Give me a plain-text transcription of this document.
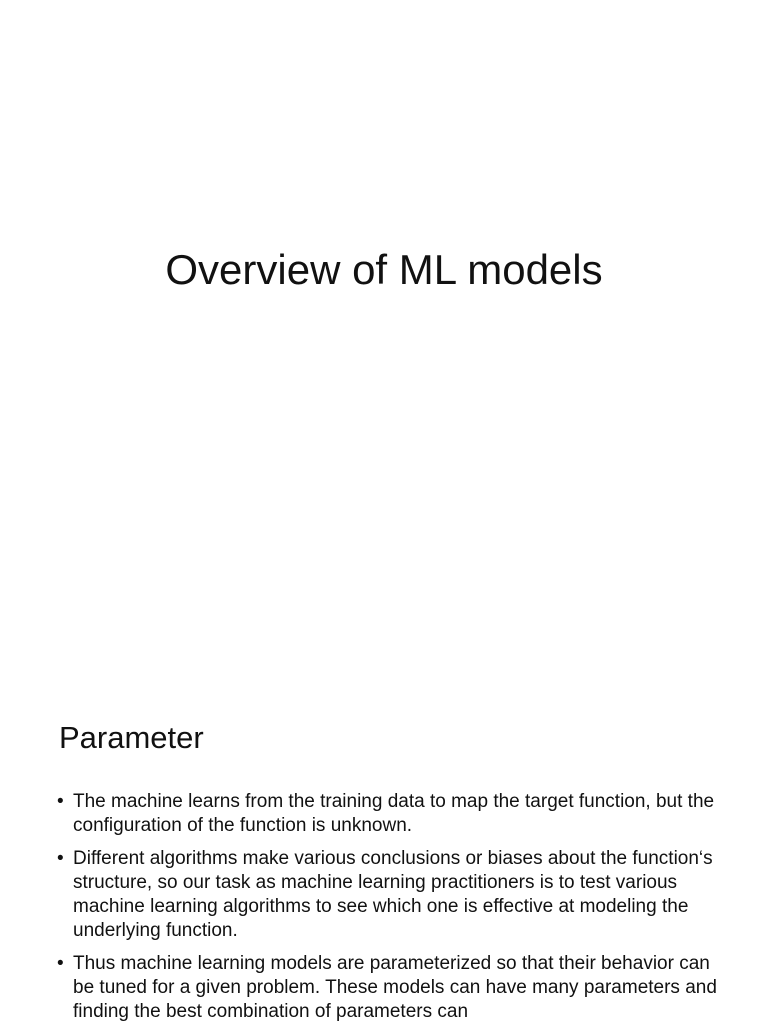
Overview of ML models
Parameter
• The machine learns from the training data to map the target function, but the configuration of the function is unknown.
• Different algorithms make various conclusions or biases about the function‘s structure, so our task as machine learning practitioners is to test various machine learning algorithms to see which one is effective at modeling the underlying function.
• Thus machine learning models are parameterized so that their behavior can be tuned for a given problem. These models can have many parameters and finding the best combination of parameters can
